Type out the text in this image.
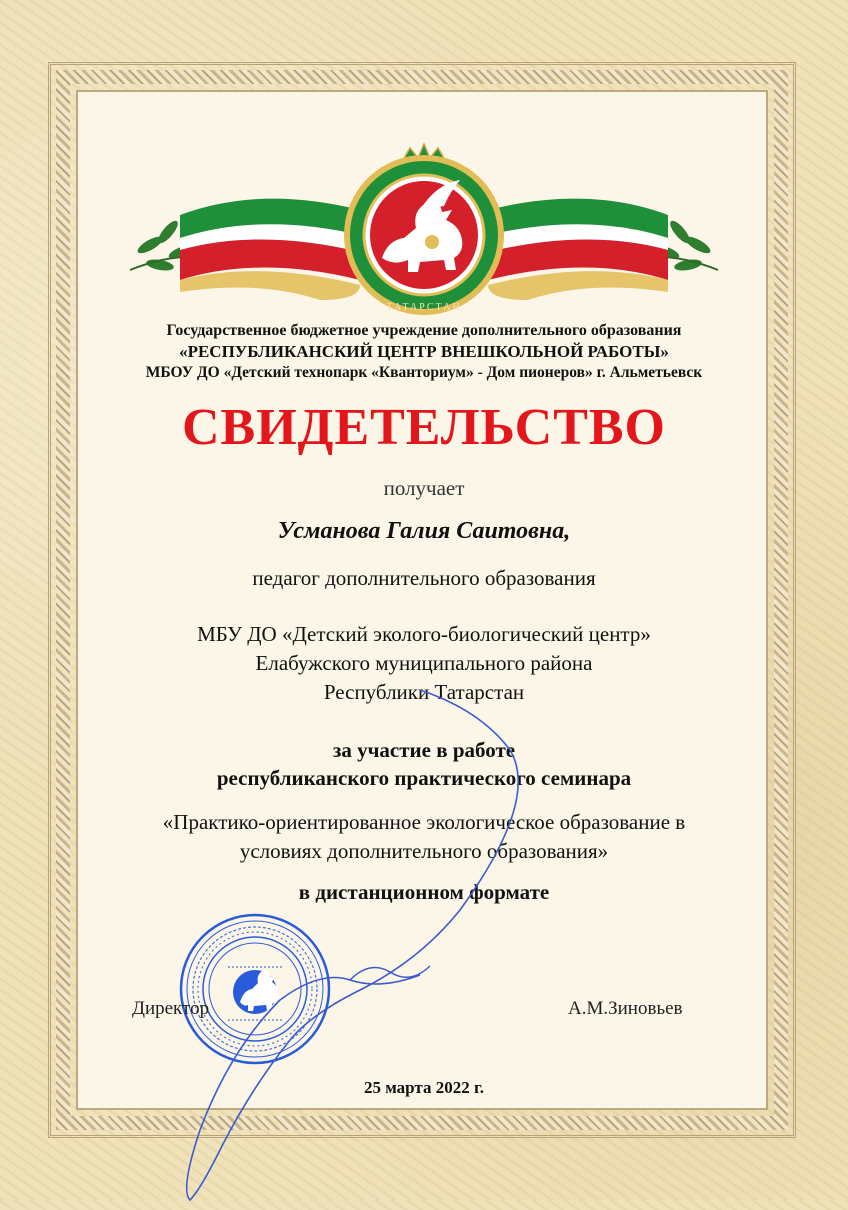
ТАТАРСТАН
Государственное бюджетное учреждение дополнительного образования
«РЕСПУБЛИКАНСКИЙ ЦЕНТР ВНЕШКОЛЬНОЙ РАБОТЫ»
МБОУ ДО «Детский технопарк «Кванториум» - Дом пионеров» г. Альметьевск
СВИДЕТЕЛЬСТВО
получает
Усманова Галия Саитовна,
педагог дополнительного образования
МБУ ДО «Детский эколого-биологический центр»
Елабужского муниципального района
Республики Татарстан
за участие в работе
республиканского практического семинара
«Практико-ориентированное экологическое образование в
условиях дополнительного образования»
в дистанционном формате
Директор	А.М.Зиновьев
25 марта 2022 г.
